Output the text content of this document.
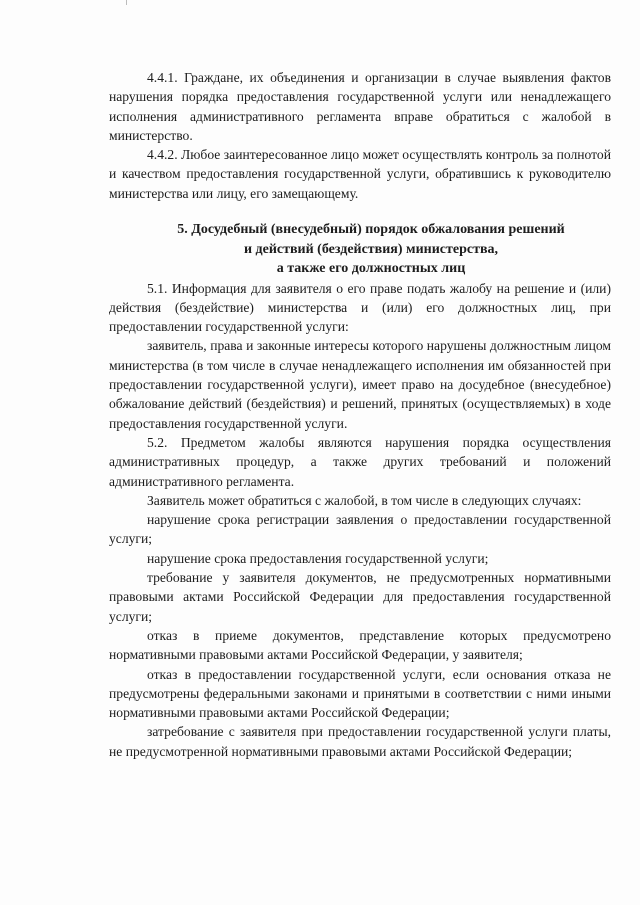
4.4.1. Граждане, их объединения и организации в случае выявления фактов нарушения порядка предоставления государственной услуги или ненадлежащего исполнения административного регламента вправе обратиться с жалобой в министерство.

4.4.2. Любое заинтересованное лицо может осуществлять контроль за полнотой и качеством предоставления государственной услуги, обратившись к руководителю министерства или лицу, его замещающему.

5. Досудебный (внесудебный) порядок обжалования решений
и действий (бездействия) министерства,
а также его должностных лиц

5.1. Информация для заявителя о его праве подать жалобу на решение и (или) действия (бездействие) министерства и (или) его должностных лиц, при предоставлении государственной услуги:

заявитель, права и законные интересы которого нарушены должностным лицом министерства (в том числе в случае ненадлежащего исполнения им обязанностей при предоставлении государственной услуги), имеет право на досудебное (внесудебное) обжалование действий (бездействия) и решений, принятых (осуществляемых) в ходе предоставления государственной услуги.

5.2. Предметом жалобы являются нарушения порядка осуществления административных процедур, а также других требований и положений административного регламента.

Заявитель может обратиться с жалобой, в том числе в следующих случаях:

нарушение срока регистрации заявления о предоставлении государственной услуги;

нарушение срока предоставления государственной услуги;

требование у заявителя документов, не предусмотренных нормативными правовыми актами Российской Федерации для предоставления государственной услуги;

отказ в приеме документов, представление которых предусмотрено нормативными правовыми актами Российской Федерации, у заявителя;

отказ в предоставлении государственной услуги, если основания отказа не предусмотрены федеральными законами и принятыми в соответствии с ними иными нормативными правовыми актами Российской Федерации;

затребование с заявителя при предоставлении государственной услуги платы, не предусмотренной нормативными правовыми актами Российской Федерации;
